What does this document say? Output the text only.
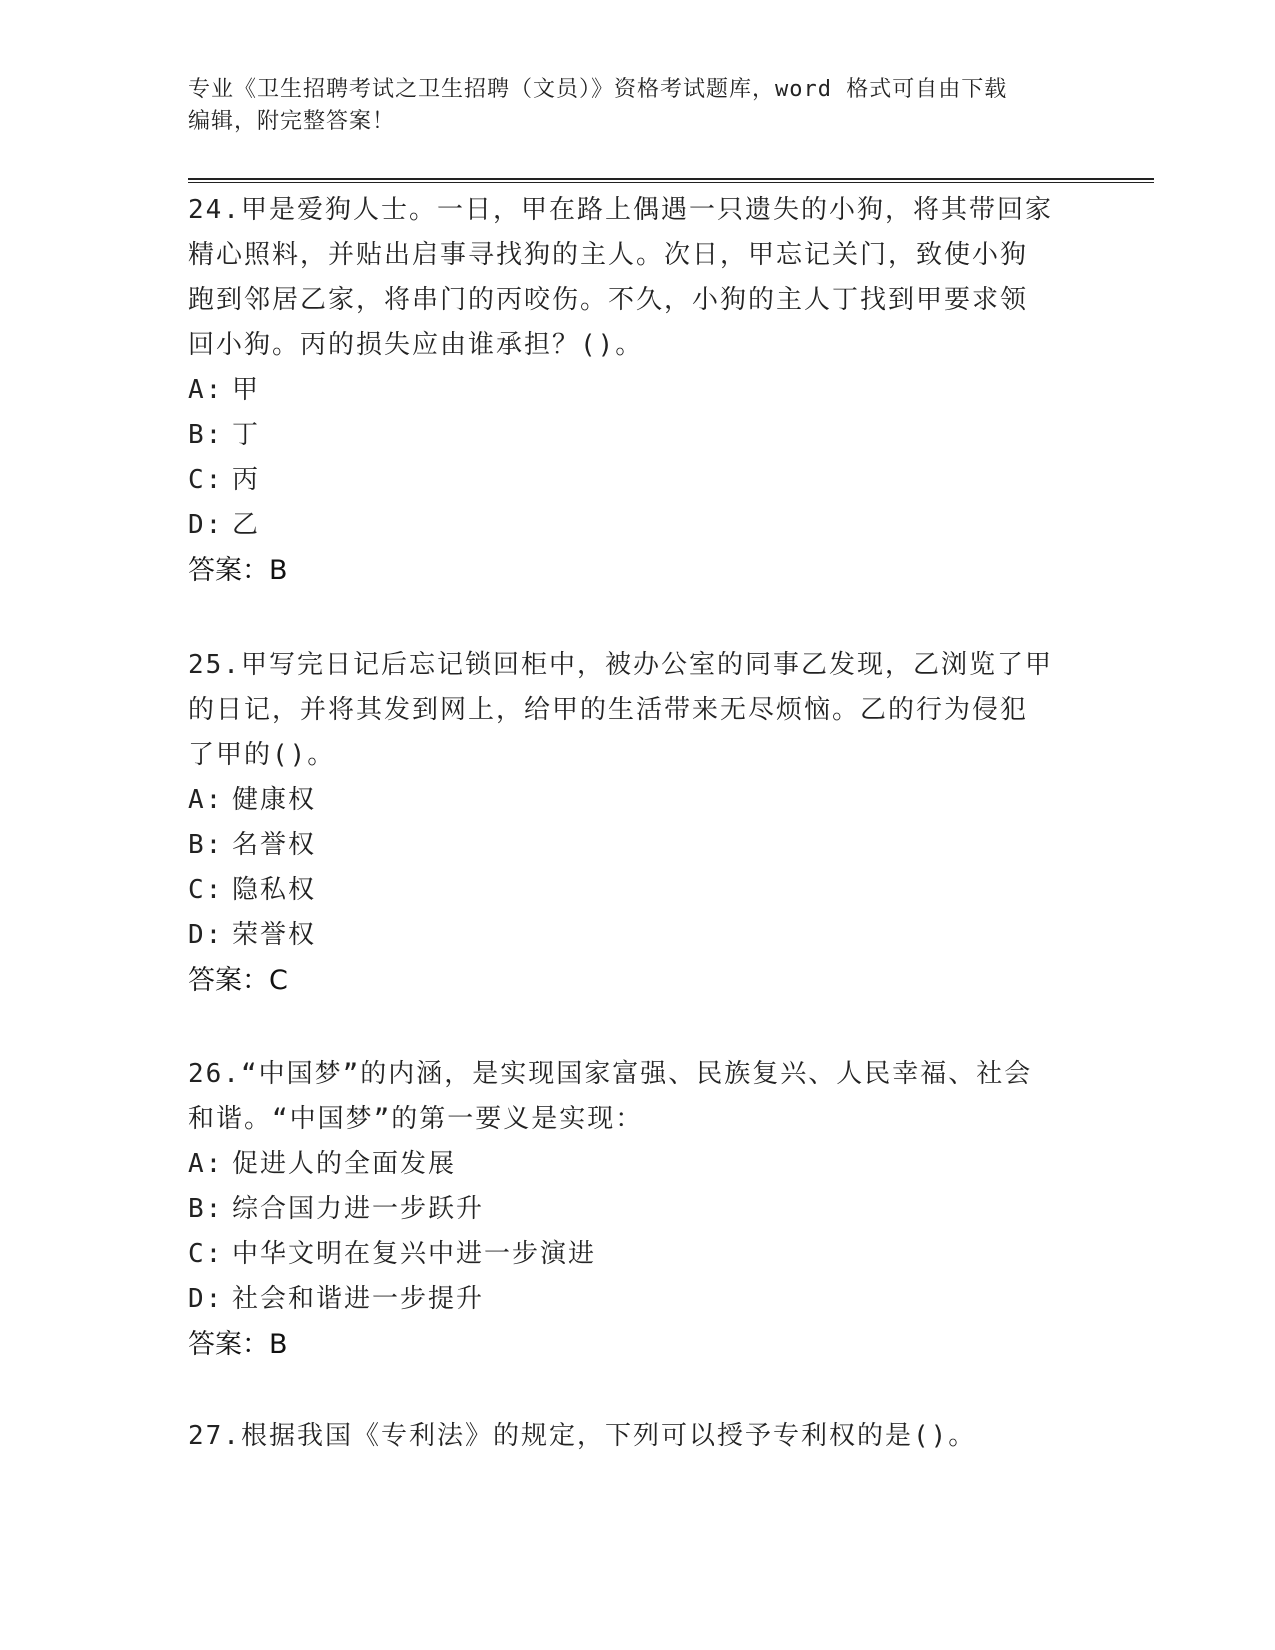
专业《卫生招聘考试之卫生招聘（文员）》资格考试题库，word 格式可自由下载
编辑，附完整答案！
24.甲是爱狗人士。一日，甲在路上偶遇一只遗失的小狗，将其带回家
精心照料，并贴出启事寻找狗的主人。次日，甲忘记关门，致使小狗
跑到邻居乙家，将串门的丙咬伤。不久，小狗的主人丁找到甲要求领
回小狗。丙的损失应由谁承担？()。
A: 甲
B: 丁
C: 丙
D: 乙
答案：B
25.甲写完日记后忘记锁回柜中，被办公室的同事乙发现，乙浏览了甲
的日记，并将其发到网上，给甲的生活带来无尽烦恼。乙的行为侵犯
了甲的()。
A: 健康权
B: 名誉权
C: 隐私权
D: 荣誉权
答案：C
26.“中国梦”的内涵，是实现国家富强、民族复兴、人民幸福、社会
和谐。“中国梦”的第一要义是实现：
A: 促进人的全面发展
B: 综合国力进一步跃升
C: 中华文明在复兴中进一步演进
D: 社会和谐进一步提升
答案：B
27.根据我国《专利法》的规定，下列可以授予专利权的是()。
